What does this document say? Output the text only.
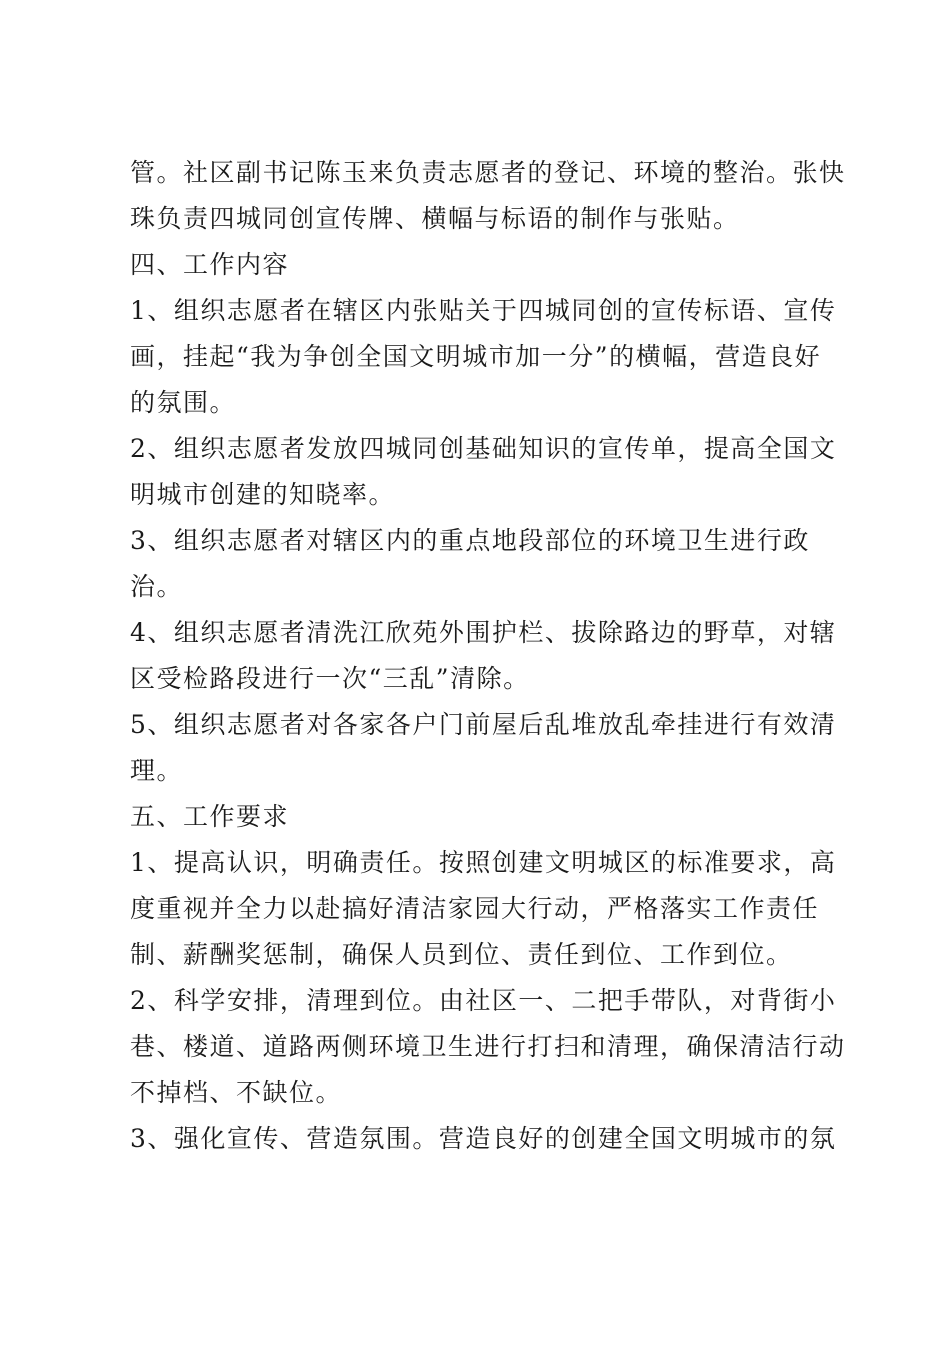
管。社区副书记陈玉来负责志愿者的登记、环境的整治。张快
珠负责四城同创宣传牌、横幅与标语的制作与张贴。
四、工作内容
1、组织志愿者在辖区内张贴关于四城同创的宣传标语、宣传
画，挂起“我为争创全国文明城市加一分”的横幅，营造良好
的氛围。
2、组织志愿者发放四城同创基础知识的宣传单，提高全国文
明城市创建的知晓率。
3、组织志愿者对辖区内的重点地段部位的环境卫生进行政
治。
4、组织志愿者清洗江欣苑外围护栏、拔除路边的野草，对辖
区受检路段进行一次“三乱”清除。
5、组织志愿者对各家各户门前屋后乱堆放乱牵挂进行有效清
理。
五、工作要求
1、提高认识，明确责任。按照创建文明城区的标准要求，高
度重视并全力以赴搞好清洁家园大行动，严格落实工作责任
制、薪酬奖惩制，确保人员到位、责任到位、工作到位。
2、科学安排，清理到位。由社区一、二把手带队，对背街小
巷、楼道、道路两侧环境卫生进行打扫和清理，确保清洁行动
不掉档、不缺位。
3、强化宣传、营造氛围。营造良好的创建全国文明城市的氛
